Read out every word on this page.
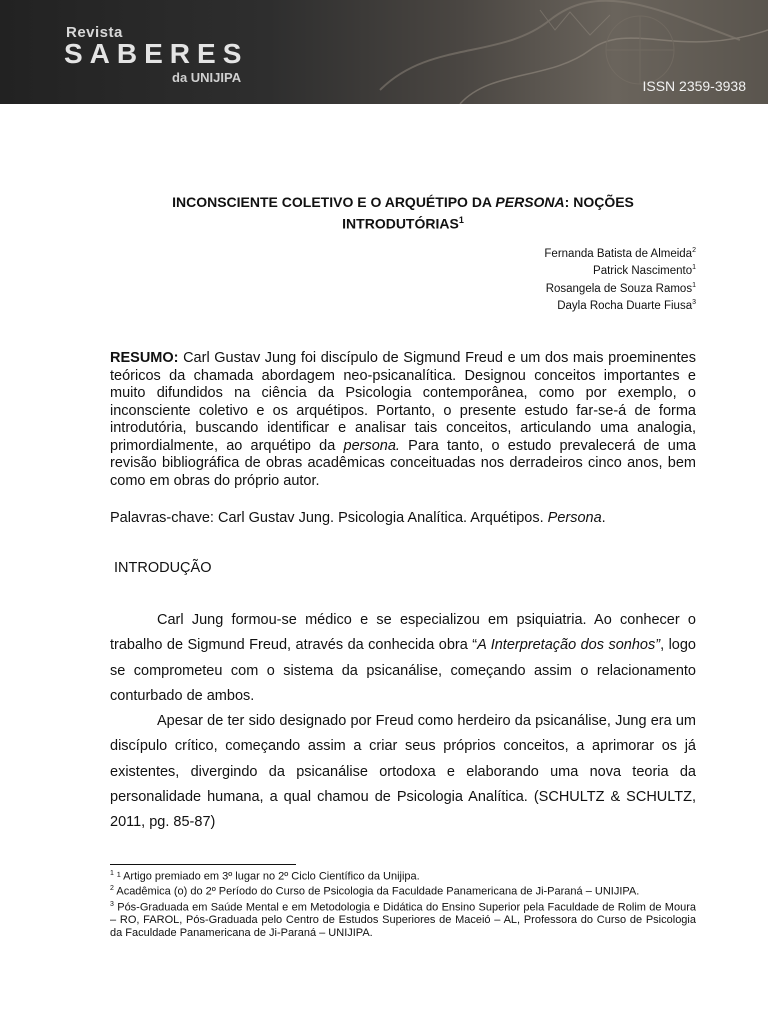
Revista
SABERES
da UNIJIPA
ISSN 2359-3938
INCONSCIENTE COLETIVO E O ARQUÉTIPO DA PERSONA: NOÇÕES INTRODUTÓRIAS$^1$
Fernanda Batista de Almeida$^2$
Patrick Nascimento$^1$
Rosangela de Souza Ramos$^1$
Dayla Rocha Duarte Fiusa$^3$
RESUMO: Carl Gustav Jung foi discípulo de Sigmund Freud e um dos mais proeminentes teóricos da chamada abordagem neo-psicanalítica. Designou conceitos importantes e muito difundidos na ciência da Psicologia contemporânea, como por exemplo, o inconsciente coletivo e os arquétipos. Portanto, o presente estudo far-se-á de forma introdutória, buscando identificar e analisar tais conceitos, articulando uma analogia, primordialmente, ao arquétipo da persona. Para tanto, o estudo prevalecerá de uma revisão bibliográfica de obras acadêmicas conceituadas nos derradeiros cinco anos, bem como em obras do próprio autor.
Palavras-chave: Carl Gustav Jung. Psicologia Analítica. Arquétipos. Persona.
INTRODUÇÃO

Carl Jung formou-se médico e se especializou em psiquiatria. Ao conhecer o trabalho de Sigmund Freud, através da conhecida obra “A Interpretação dos sonhos”, logo se comprometeu com o sistema da psicanálise, começando assim o relacionamento conturbado de ambos.

Apesar de ter sido designado por Freud como herdeiro da psicanálise, Jung era um discípulo crítico, começando assim a criar seus próprios conceitos, a aprimorar os já existentes, divergindo da psicanálise ortodoxa e elaborando uma nova teoria da personalidade humana, a qual chamou de Psicologia Analítica. (SCHULTZ & SCHULTZ, 2011, pg. 85-87)

$^1$ ¹ Artigo premiado em 3º lugar no 2º Ciclo Científico da Unijipa.

$^2$ Acadêmica (o) do 2º Período do Curso de Psicologia da Faculdade Panamericana de Ji-Paraná – UNIJIPA.

$^3$ Pós-Graduada em Saúde Mental e em Metodologia e Didática do Ensino Superior pela Faculdade de Rolim de Moura – RO, FAROL, Pós-Graduada pelo Centro de Estudos Superiores de Maceió – AL, Professora do Curso de Psicologia da Faculdade Panamericana de Ji-Paraná – UNIJIPA.
